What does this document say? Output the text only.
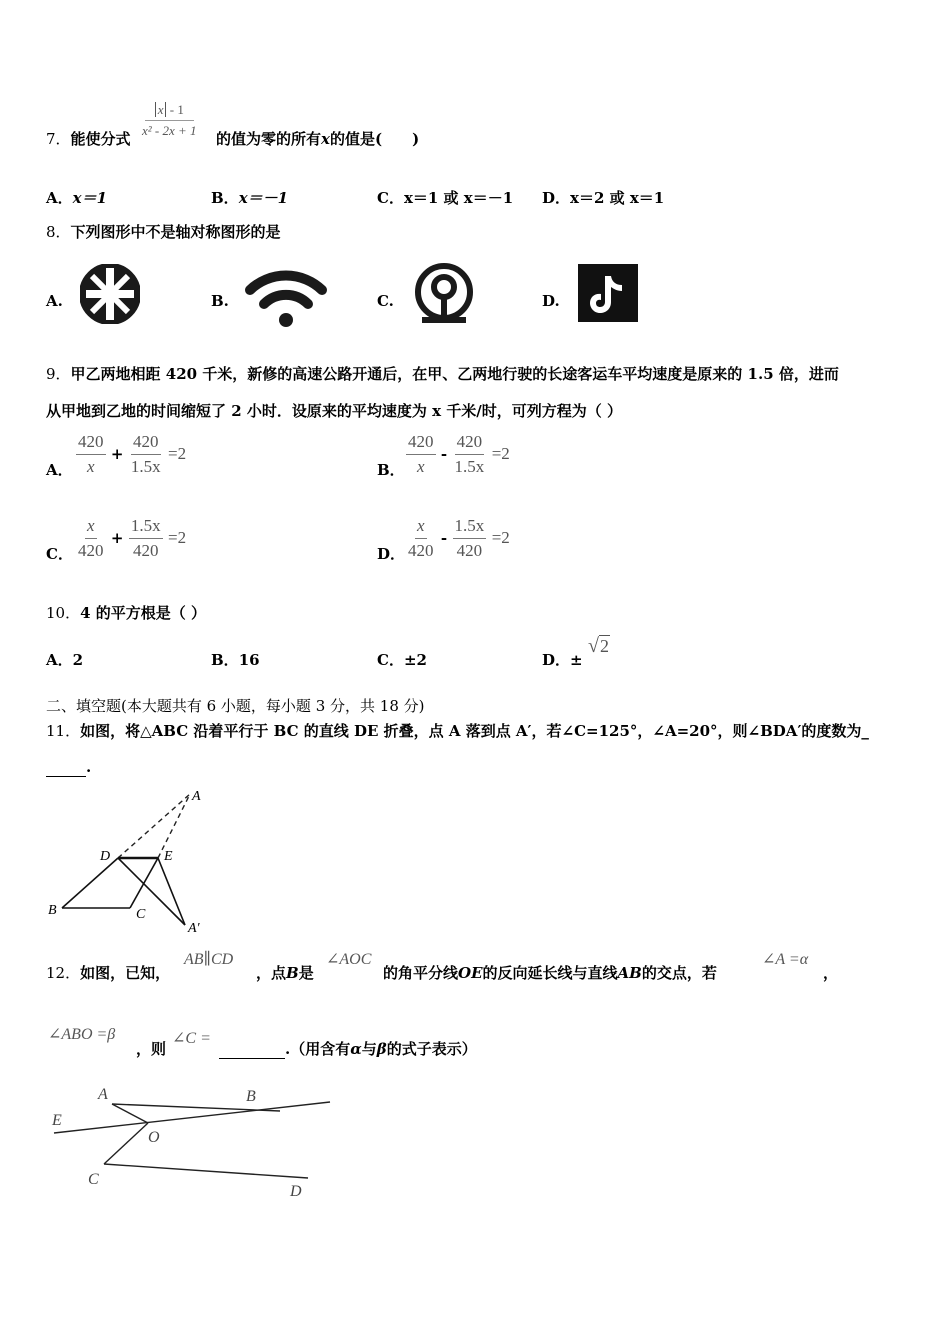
7．能使分式 $\frac{x - 1}{\text{x² - 2x + 1}}$ 的值为零的所有x的值是(　　)
A．x＝1	B．x＝－1	C．x＝1 或 x＝－1 D．x＝2 或 x＝1
8．下列图形中不是轴对称图形的是
A.	B.	C.	D.
9．甲乙两地相距 420 千米，新修的高速公路开通后，在甲、乙两地行驶的长途客运车平均速度是原来的 1.5 倍，进而
从甲地到乙地的时间缩短了 2 小时．设原来的平均速度为 x 千米/时，可列方程为（ ）
A． $\frac{420}{x} + \frac{420}{1.5x} =2$
B． $\frac{420}{x} - \frac{420}{1.5x} =2$
C． $\frac{x}{420} + \frac{1.5x}{420} =2$
D． $\frac{x}{420} - \frac{1.5x}{420} =2$
10．4 的平方根是（ ）
A．2	B．16	C．±2	D．±
√2
二、填空题(本大题共有 6 小题，每小题 3 分，共 18 分)
11．如图，将△ABC 沿着平行于 BC 的直线 DE 折叠，点 A 落到点 A′，若∠C=125°，∠A=20°，则∠BDA′的度数为_
.
A
D	E
B	C
A′
12．如图，已知，
AB∥CD
，点B是
∠AOC
的角平分线OE的反向延长线与直线AB的交点，若
∠A =α
，
∠ABO =β
，则
∠C =
.（用含有α与β的式子表示）
A	B
E
O
C
D
